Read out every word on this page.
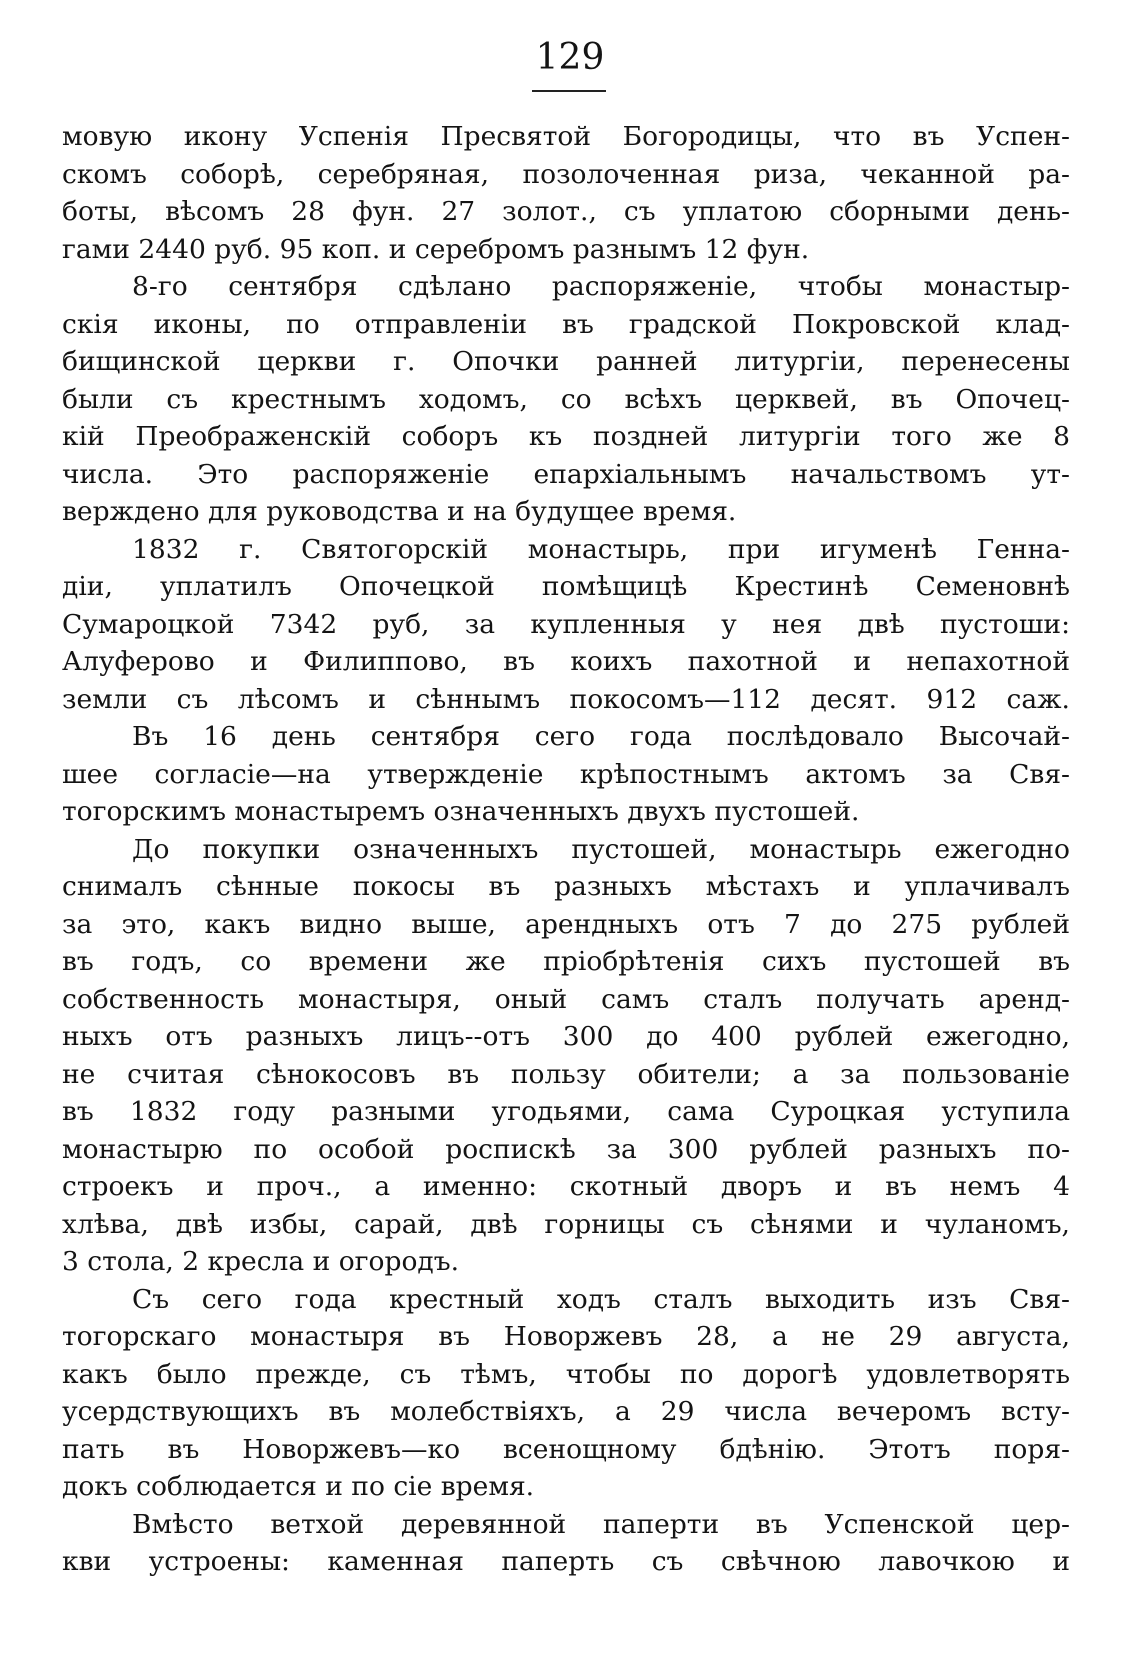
129
мовую икону Успенія Пресвятой Богородицы, что въ Успен-
скомъ соборѣ, серебряная, позолоченная риза, чеканной ра-
боты, вѣсомъ 28 фун. 27 золот., съ уплатою сборными день-
гами 2440 руб. 95 коп. и серебромъ разнымъ 12 фун.
8-го сентября сдѣлано распоряженіе, чтобы монастыр-
скія иконы, по отправленіи въ градской Покровской клад-
бищинской церкви г. Опочки ранней литургіи, перенесены
были съ крестнымъ ходомъ, со всѣхъ церквей, въ Опочец-
кій Преображенскій соборъ къ поздней литургіи того же 8
числа. Это распоряженіе епархіальнымъ начальствомъ ут-
верждено для руководства и на будущее время.
1832 г. Святогорскій монастырь, при игуменѣ Геннa-
діи, уплатилъ Опочецкой помѣщицѣ Крестинѣ Семеновнѣ
Сумароцкой 7342 руб, за купленныя у нея двѣ пустоши:
Алуферово и Филиппово, въ коихъ пахотной и непахотной
земли съ лѣсомъ и сѣннымъ покосомъ—112 десят. 912 саж.
Въ 16 день сентября сего года послѣдовало Высочай-
шее согласіе—на утвержденіе крѣпостнымъ актомъ за Свя-
тогорскимъ монастыремъ означенныхъ двухъ пустошей.
До покупки означенныхъ пустошей, монастырь ежегодно
снималъ сѣнные покосы въ разныхъ мѣстахъ и уплачивалъ
за это, какъ видно выше, арендныхъ отъ 7 до 275 рублей
въ годъ, со времени же пріобрѣтенія сихъ пустошей въ
собственность монастыря, оный самъ сталъ получать аренд-
ныхъ отъ разныхъ лицъ--отъ 300 до 400 рублей ежегодно,
не считая сѣнокосовъ въ пользу обители; а за пользованіе
въ 1832 году разными угодьями, сама Суроцкая уступила
монастырю по особой роспискѣ за 300 рублей разныхъ по-
строекъ и проч., а именно: скотный дворъ и въ немъ 4
хлѣва, двѣ избы, сарай, двѣ горницы съ сѣнями и чуланомъ,
3 стола, 2 кресла и огородъ.
Съ сего года крестный ходъ сталъ выходить изъ Свя-
тогорскаго монастыря въ Новоржевъ 28, а не 29 августа,
какъ было прежде, съ тѣмъ, чтобы по дорогѣ удовлетворять
усердствующихъ въ молебствіяхъ, а 29 числа вечеромъ всту-
пать въ Новоржевъ—ко всенощному бдѣнію. Этотъ поря-
докъ соблюдается и по сіе время.
Вмѣсто ветхой деревянной паперти въ Успенской цер-
кви устроены: каменная паперть съ свѣчною лавочкою и
